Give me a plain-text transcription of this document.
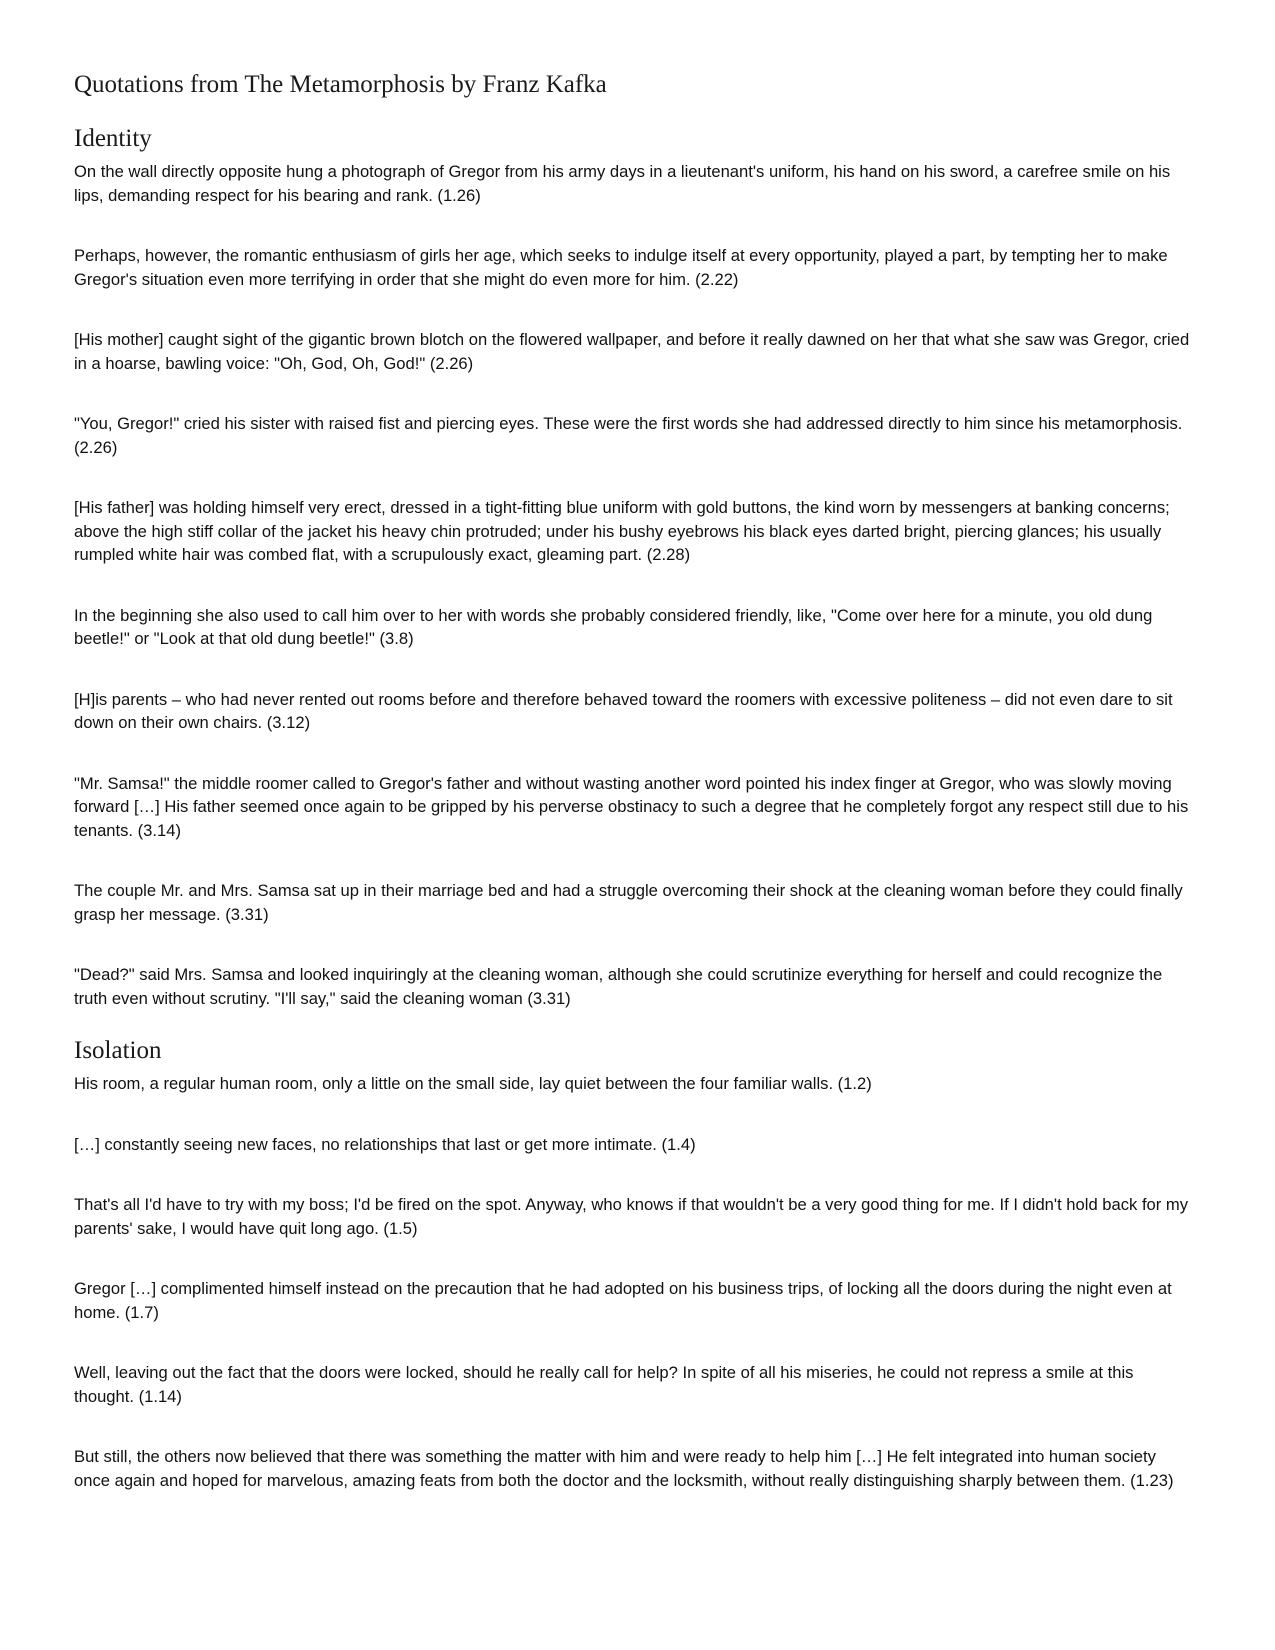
Quotations from The Metamorphosis by Franz Kafka
Identity

On the wall directly opposite hung a photograph of Gregor from his army days in a lieutenant's uniform, his hand on his sword, a carefree smile on his lips, demanding respect for his bearing and rank. (1.26)

Perhaps, however, the romantic enthusiasm of girls her age, which seeks to indulge itself at every opportunity, played a part, by tempting her to make Gregor's situation even more terrifying in order that she might do even more for him. (2.22)

[His mother] caught sight of the gigantic brown blotch on the flowered wallpaper, and before it really dawned on her that what she saw was Gregor, cried in a hoarse, bawling voice: "Oh, God, Oh, God!" (2.26)

"You, Gregor!" cried his sister with raised fist and piercing eyes. These were the first words she had addressed directly to him since his metamorphosis. (2.26)

[His father] was holding himself very erect, dressed in a tight-fitting blue uniform with gold buttons, the kind worn by messengers at banking concerns; above the high stiff collar of the jacket his heavy chin protruded; under his bushy eyebrows his black eyes darted bright, piercing glances; his usually rumpled white hair was combed flat, with a scrupulously exact, gleaming part. (2.28)

In the beginning she also used to call him over to her with words she probably considered friendly, like, "Come over here for a minute, you old dung beetle!" or "Look at that old dung beetle!" (3.8)

[H]is parents – who had never rented out rooms before and therefore behaved toward the roomers with excessive politeness – did not even dare to sit down on their own chairs. (3.12)

"Mr. Samsa!" the middle roomer called to Gregor's father and without wasting another word pointed his index finger at Gregor, who was slowly moving forward […] His father seemed once again to be gripped by his perverse obstinacy to such a degree that he completely forgot any respect still due to his tenants. (3.14)

The couple Mr. and Mrs. Samsa sat up in their marriage bed and had a struggle overcoming their shock at the cleaning woman before they could finally grasp her message. (3.31)

"Dead?" said Mrs. Samsa and looked inquiringly at the cleaning woman, although she could scrutinize everything for herself and could recognize the truth even without scrutiny. "I'll say," said the cleaning woman (3.31)

Isolation

His room, a regular human room, only a little on the small side, lay quiet between the four familiar walls. (1.2)

[…] constantly seeing new faces, no relationships that last or get more intimate. (1.4)

That's all I'd have to try with my boss; I'd be fired on the spot. Anyway, who knows if that wouldn't be a very good thing for me. If I didn't hold back for my parents' sake, I would have quit long ago. (1.5)

Gregor […] complimented himself instead on the precaution that he had adopted on his business trips, of locking all the doors during the night even at home. (1.7)

Well, leaving out the fact that the doors were locked, should he really call for help? In spite of all his miseries, he could not repress a smile at this thought. (1.14)

But still, the others now believed that there was something the matter with him and were ready to help him […] He felt integrated into human society once again and hoped for marvelous, amazing feats from both the doctor and the locksmith, without really distinguishing sharply between them. (1.23)
